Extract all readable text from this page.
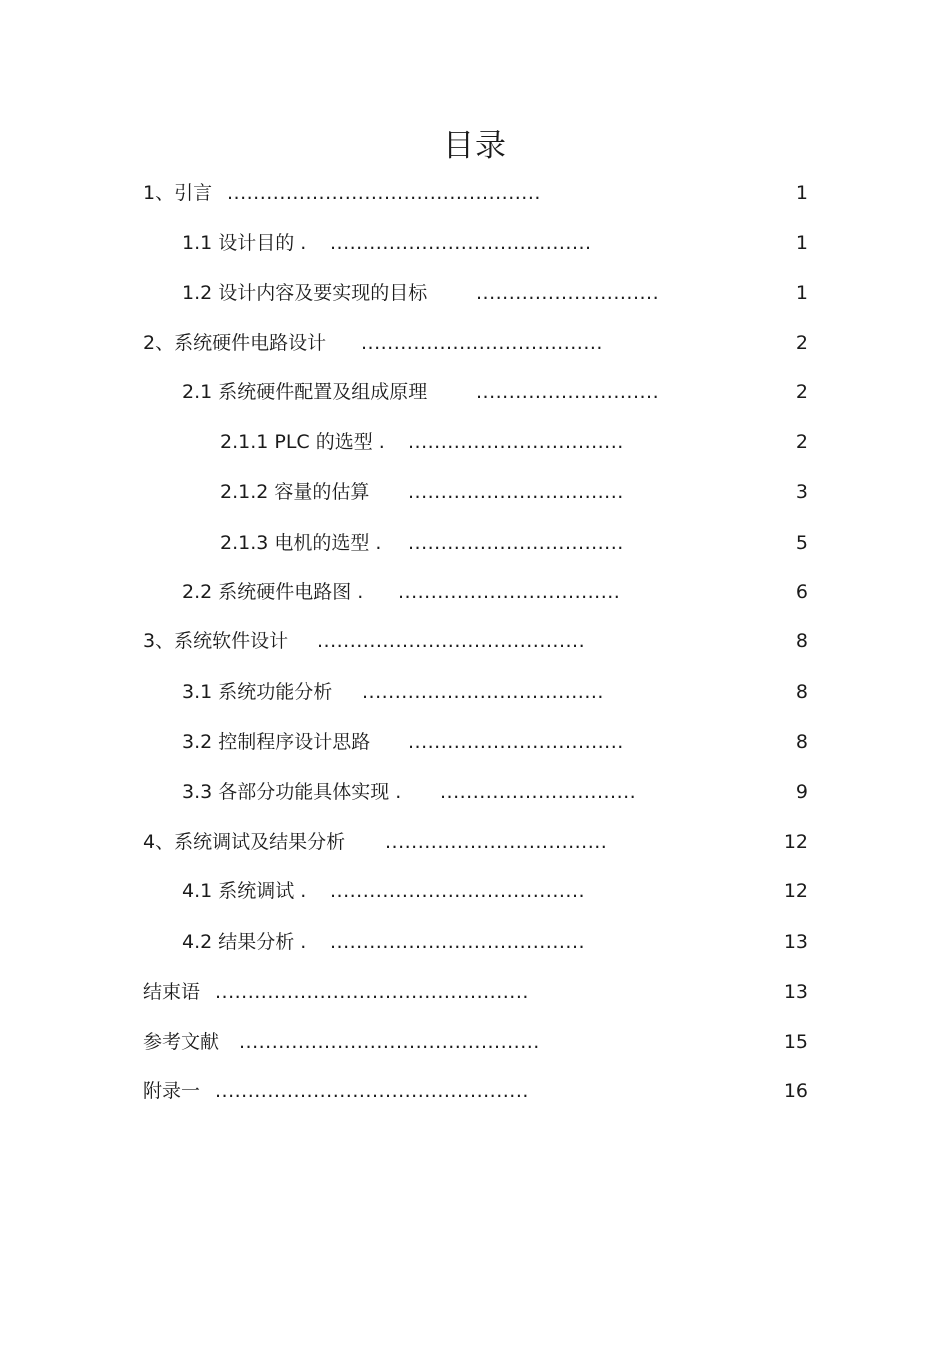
目录
1、引言 ................................................	1
1.1 设计目的 . ........................................	1
1.2 设计内容及要实现的目标	............................	1
2、系统硬件电路设计 .....................................	2
2.1 系统硬件配置及组成原理	............................	2
2.1.1 PLC 的选型 . .................................	2
2.1.2 容量的估算 .................................	3
2.1.3 电机的选型 . .................................	5
2.2 系统硬件电路图 . ..................................	6
3、系统软件设计 .........................................	8
3.1 系统功能分析 .....................................	8
3.2 控制程序设计思路 .................................	8
3.3 各部分功能具体实现 . ..............................	9
4、系统调试及结果分析 ..................................	12
4.1 系统调试 . .......................................	12
4.2 结果分析 . .......................................	13
结束语 ................................................	13
参考文献 ..............................................	15
附录一 ................................................	16
